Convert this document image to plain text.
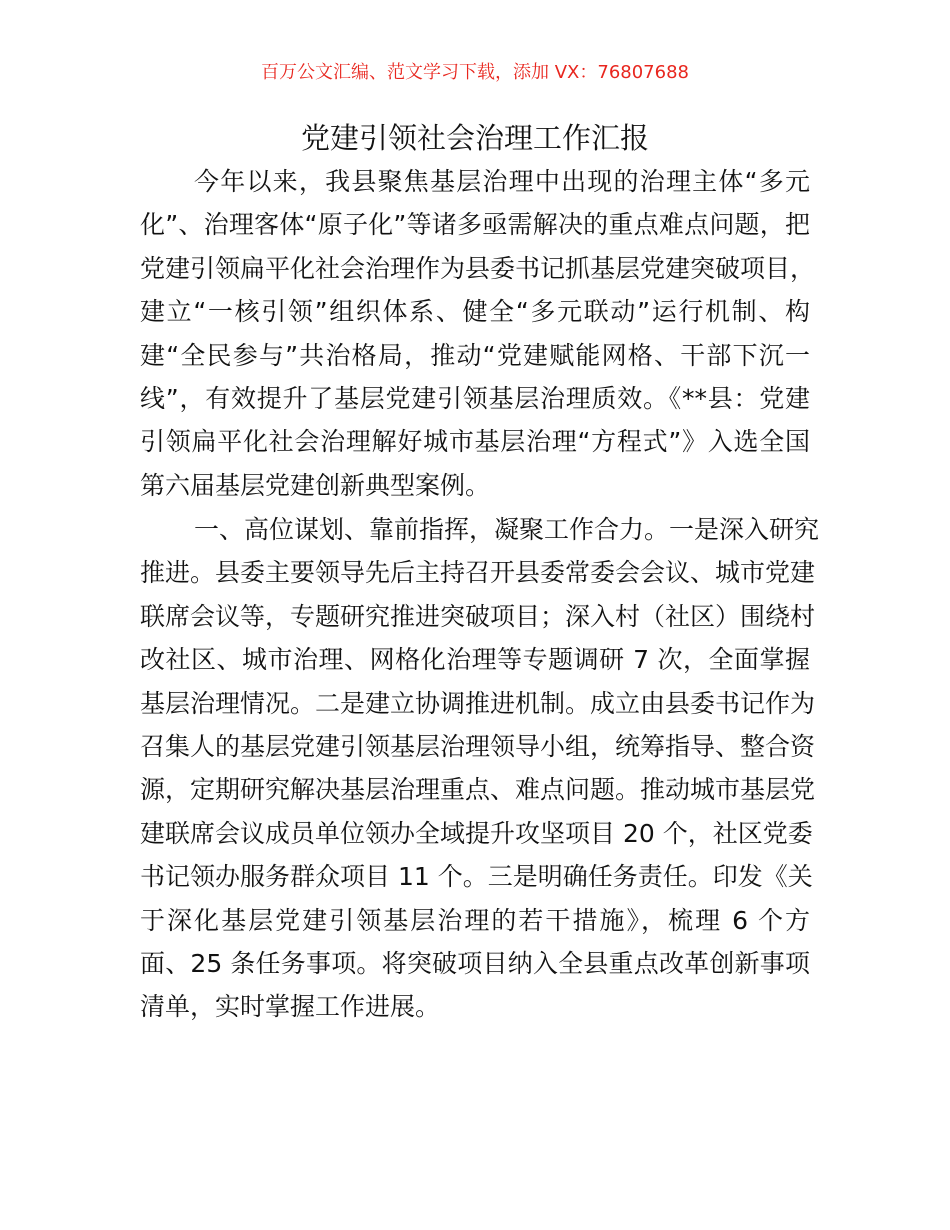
百万公文汇编、范文学习下载，添加 VX：76807688
党建引领社会治理工作汇报
今年以来，我县聚焦基层治理中出现的治理主体“多元
化”、治理客体“原子化”等诸多亟需解决的重点难点问题，把
党建引领扁平化社会治理作为县委书记抓基层党建突破项目，
建立“一核引领”组织体系、健全“多元联动”运行机制、构
建“全民参与”共治格局，推动“党建赋能网格、干部下沉一
线”，有效提升了基层党建引领基层治理质效。《**县：党建
引领扁平化社会治理解好城市基层治理“方程式”》入选全国
第六届基层党建创新典型案例。
一、高位谋划、靠前指挥，凝聚工作合力。一是深入研究
推进。县委主要领导先后主持召开县委常委会会议、城市党建
联席会议等，专题研究推进突破项目；深入村（社区）围绕村
改社区、城市治理、网格化治理等专题调研 7 次，全面掌握
基层治理情况。二是建立协调推进机制。成立由县委书记作为
召集人的基层党建引领基层治理领导小组，统筹指导、整合资
源，定期研究解决基层治理重点、难点问题。推动城市基层党
建联席会议成员单位领办全域提升攻坚项目 20 个，社区党委
书记领办服务群众项目 11 个。三是明确任务责任。印发《关
于深化基层党建引领基层治理的若干措施》，梳理 6 个方
面、25 条任务事项。将突破项目纳入全县重点改革创新事项
清单，实时掌握工作进展。
